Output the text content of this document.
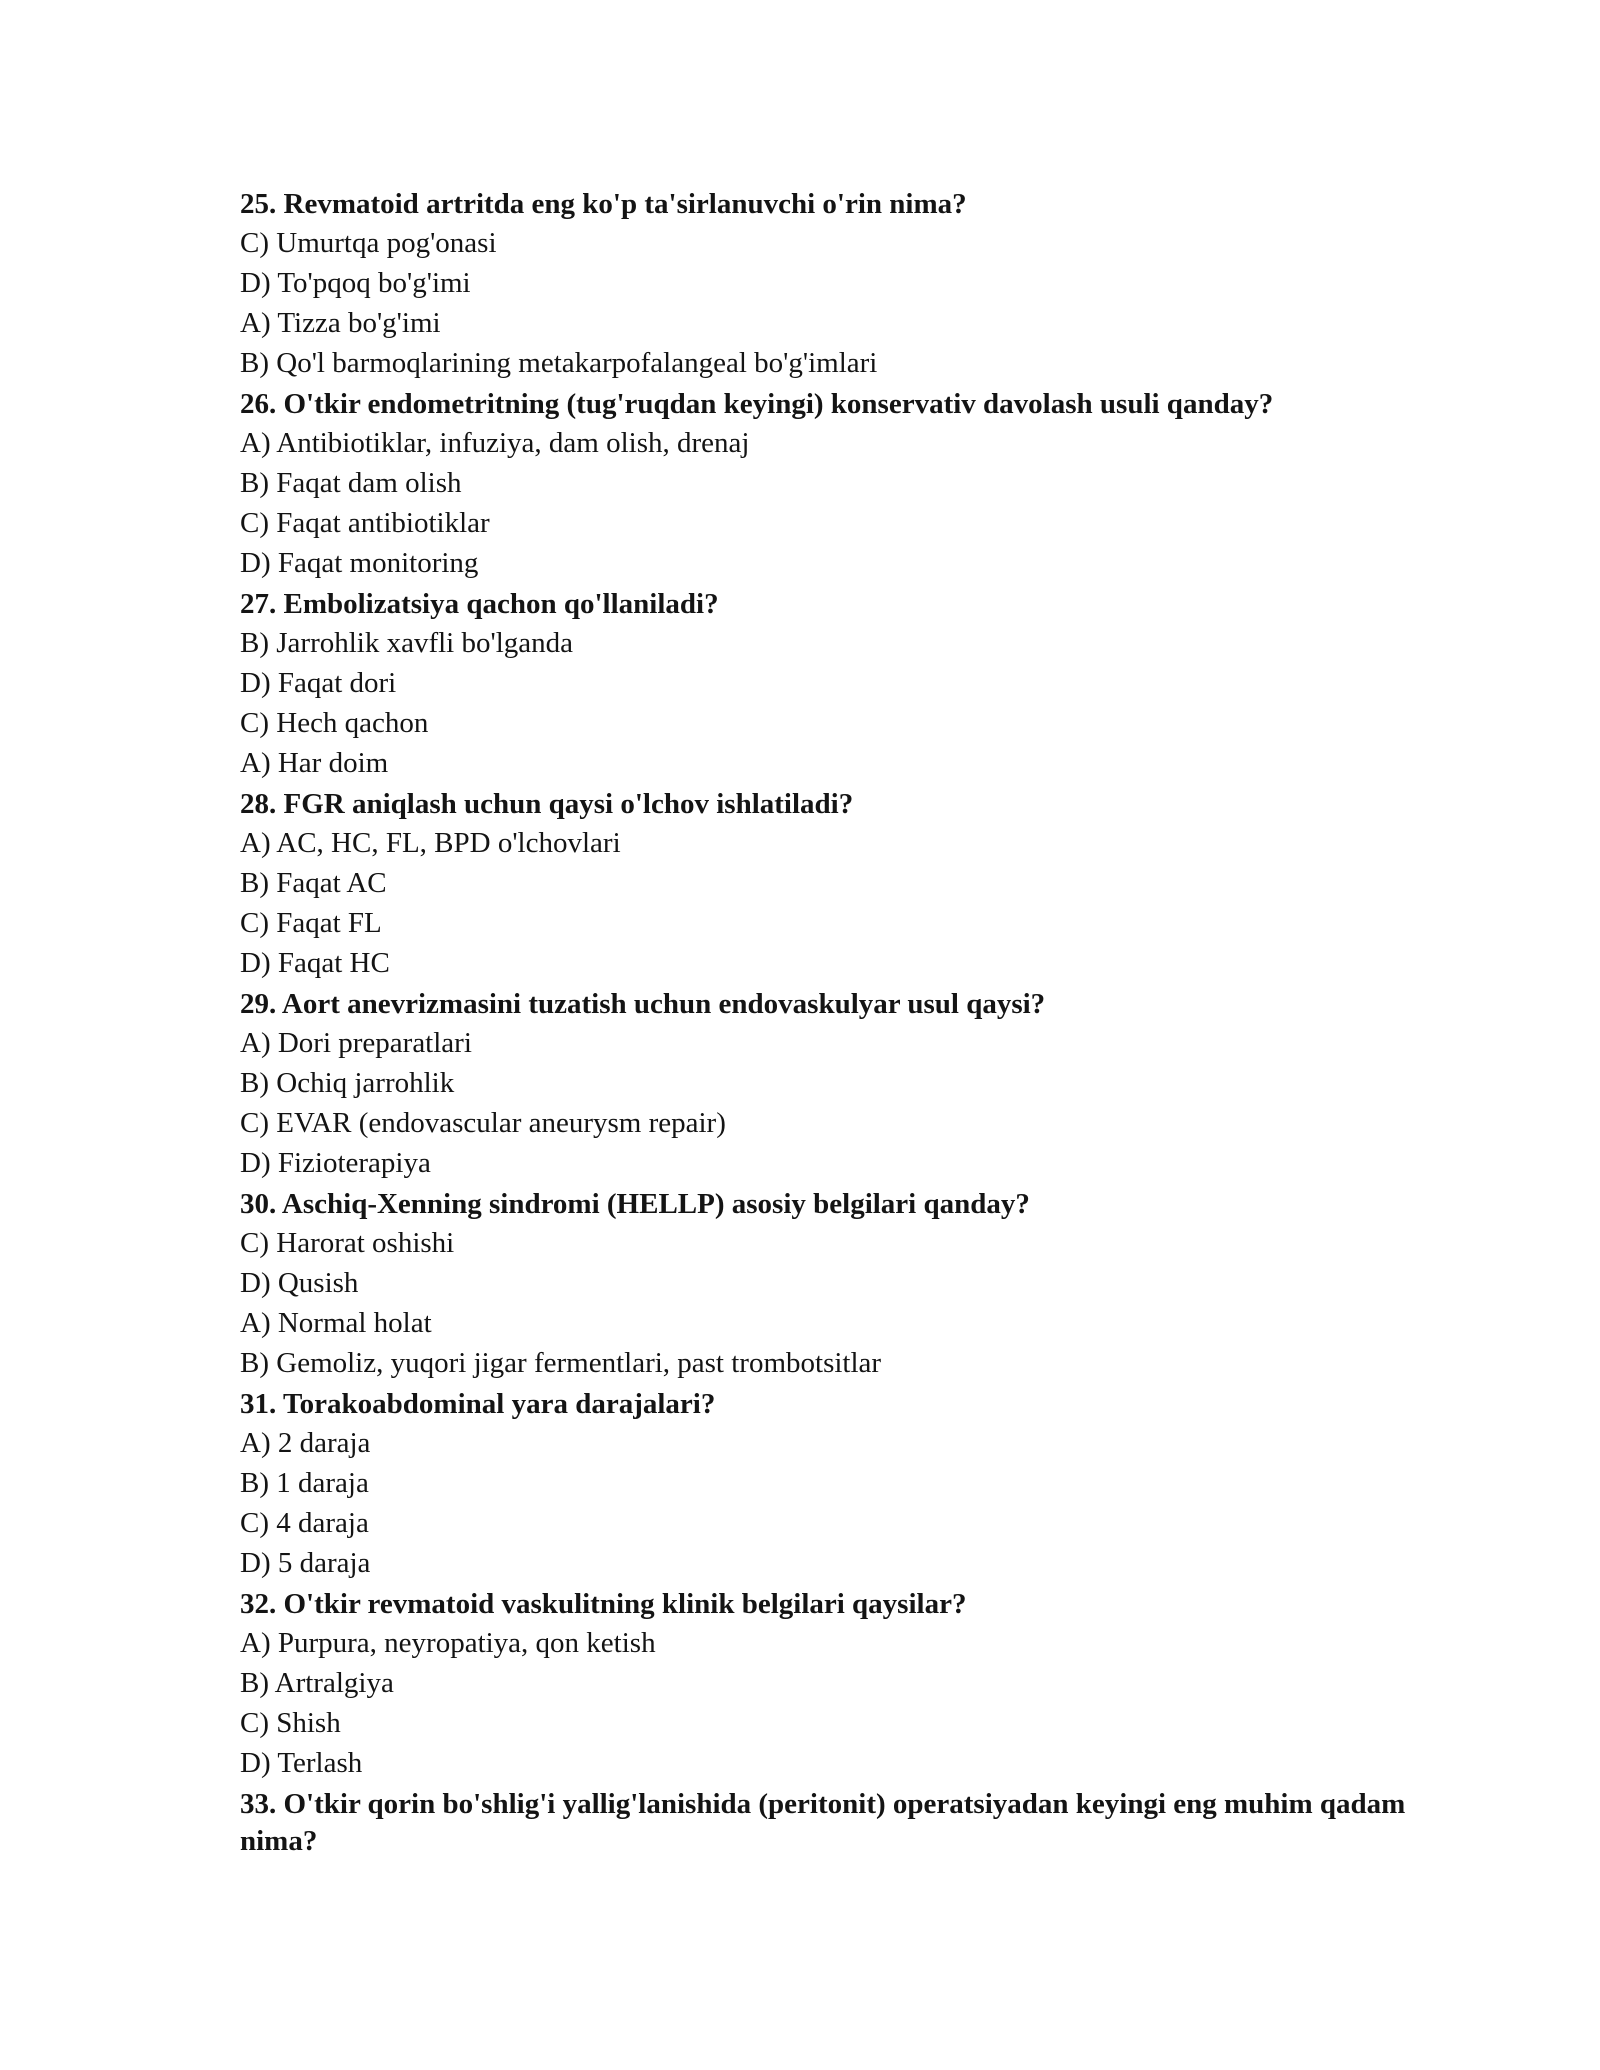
25. Revmatoid artritda eng ko'p ta'sirlanuvchi o'rin nima?

C) Umurtqa pog'onasi

D) To'pqoq bo'g'imi

A) Tizza bo'g'imi

B) Qo'l barmoqlarining metakarpofalangeal bo'g'imlari

26. O'tkir endometritning (tug'ruqdan keyingi) konservativ davolash usuli qanday?

A) Antibiotiklar, infuziya, dam olish, drenaj

B) Faqat dam olish

C) Faqat antibiotiklar

D) Faqat monitoring

27. Embolizatsiya qachon qo'llaniladi?

B) Jarrohlik xavfli bo'lganda

D) Faqat dori

C) Hech qachon

A) Har doim

28. FGR aniqlash uchun qaysi o'lchov ishlatiladi?

A) AC, HC, FL, BPD o'lchovlari

B) Faqat AC

C) Faqat FL

D) Faqat HC

29. Aort anevrizmasini tuzatish uchun endovaskulyar usul qaysi?

A) Dori preparatlari

B) Ochiq jarrohlik

C) EVAR (endovascular aneurysm repair)

D) Fizioterapiya

30. Aschiq-Xenning sindromi (HELLP) asosiy belgilari qanday?

C) Harorat oshishi

D) Qusish

A) Normal holat

B) Gemoliz, yuqori jigar fermentlari, past trombotsitlar

31. Torakoabdominal yara darajalari?

A) 2 daraja

B) 1 daraja

C) 4 daraja

D) 5 daraja

32. O'tkir revmatoid vaskulitning klinik belgilari qaysilar?

A) Purpura, neyropatiya, qon ketish

B) Artralgiya

C) Shish

D) Terlash

33. O'tkir qorin bo'shlig'i yallig'lanishida (peritonit) operatsiyadan keyingi eng muhim qadam nima?
